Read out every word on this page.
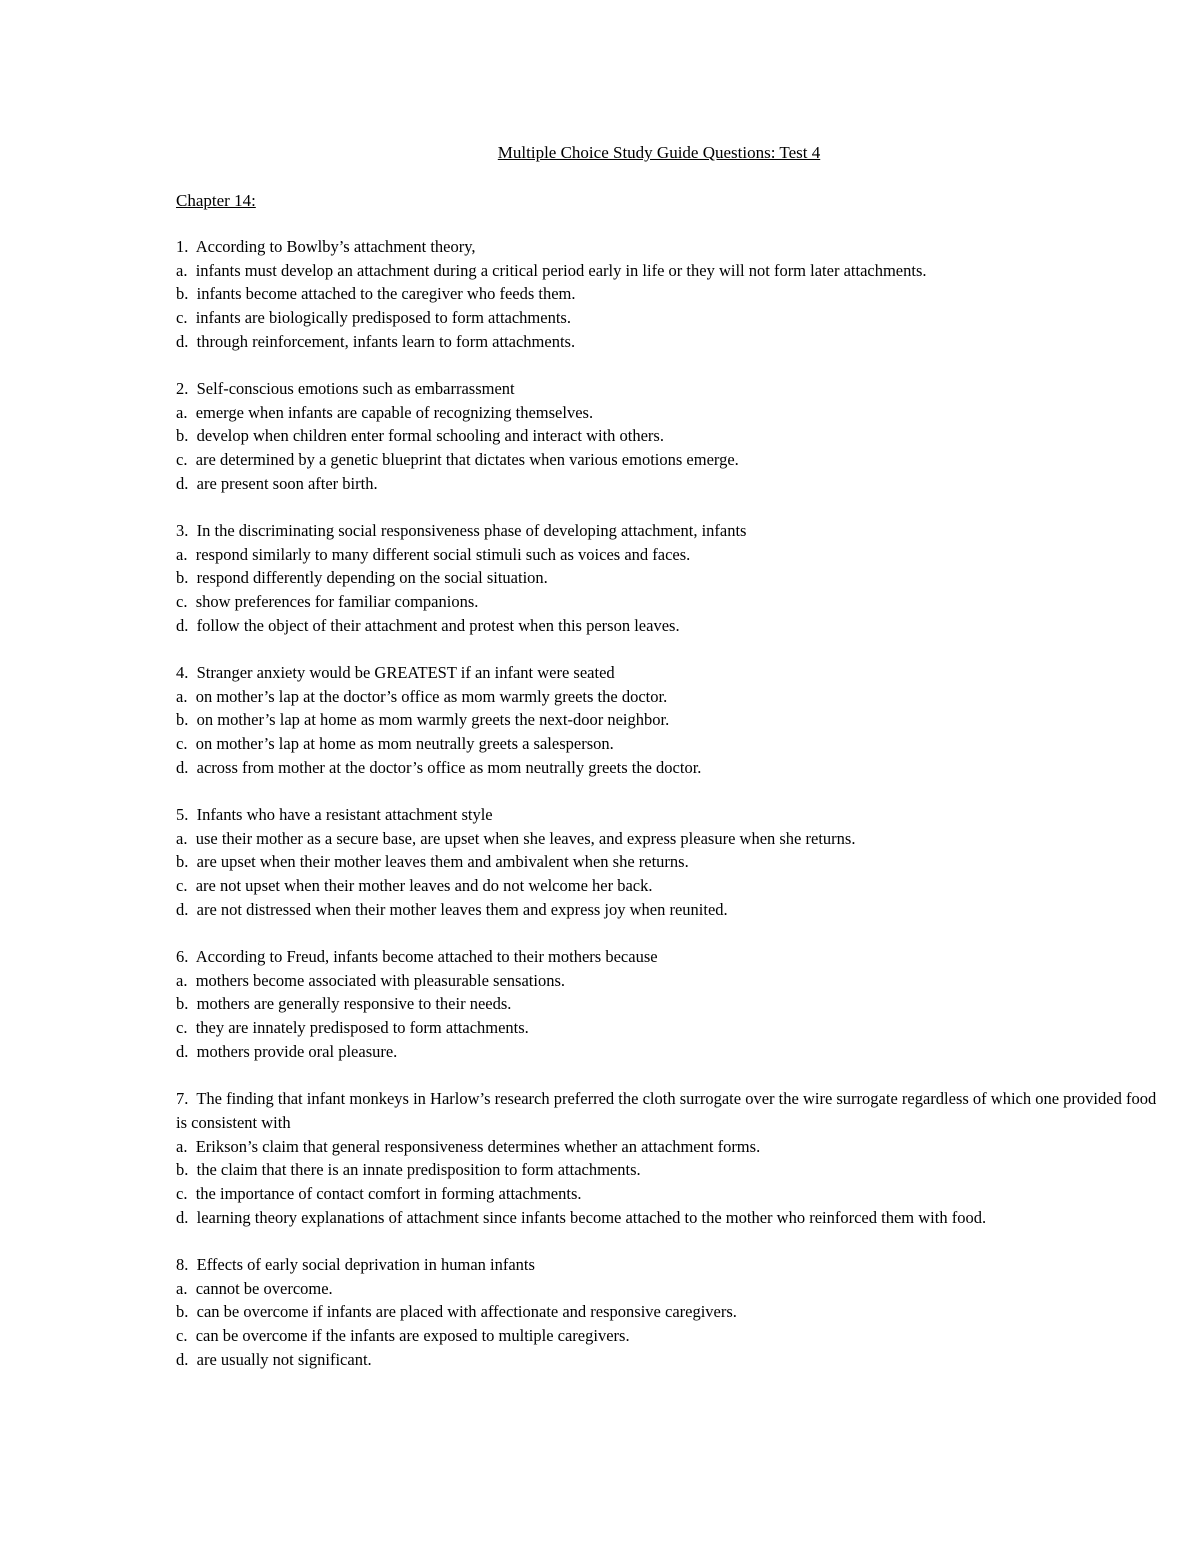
Multiple Choice Study Guide Questions: Test 4
Chapter 14:
1. According to Bowlby’s attachment theory,
a. infants must develop an attachment during a critical period early in life or they will not form later attachments.
b. infants become attached to the caregiver who feeds them.
c. infants are biologically predisposed to form attachments.
d. through reinforcement, infants learn to form attachments.
2. Self-conscious emotions such as embarrassment
a. emerge when infants are capable of recognizing themselves.
b. develop when children enter formal schooling and interact with others.
c. are determined by a genetic blueprint that dictates when various emotions emerge.
d. are present soon after birth.
3. In the discriminating social responsiveness phase of developing attachment, infants
a. respond similarly to many different social stimuli such as voices and faces.
b. respond differently depending on the social situation.
c. show preferences for familiar companions.
d. follow the object of their attachment and protest when this person leaves.
4. Stranger anxiety would be GREATEST if an infant were seated
a. on mother’s lap at the doctor’s office as mom warmly greets the doctor.
b. on mother’s lap at home as mom warmly greets the next-door neighbor.
c. on mother’s lap at home as mom neutrally greets a salesperson.
d. across from mother at the doctor’s office as mom neutrally greets the doctor.
5. Infants who have a resistant attachment style
a. use their mother as a secure base, are upset when she leaves, and express pleasure when she returns.
b. are upset when their mother leaves them and ambivalent when she returns.
c. are not upset when their mother leaves and do not welcome her back.
d. are not distressed when their mother leaves them and express joy when reunited.
6. According to Freud, infants become attached to their mothers because
a. mothers become associated with pleasurable sensations.
b. mothers are generally responsive to their needs.
c. they are innately predisposed to form attachments.
d. mothers provide oral pleasure.
7. The finding that infant monkeys in Harlow’s research preferred the cloth surrogate over the wire surrogate regardless of which one provided food is consistent with
a. Erikson’s claim that general responsiveness determines whether an attachment forms.
b. the claim that there is an innate predisposition to form attachments.
c. the importance of contact comfort in forming attachments.
d. learning theory explanations of attachment since infants become attached to the mother who reinforced them with food.
8. Effects of early social deprivation in human infants
a. cannot be overcome.
b. can be overcome if infants are placed with affectionate and responsive caregivers.
c. can be overcome if the infants are exposed to multiple caregivers.
d. are usually not significant.
